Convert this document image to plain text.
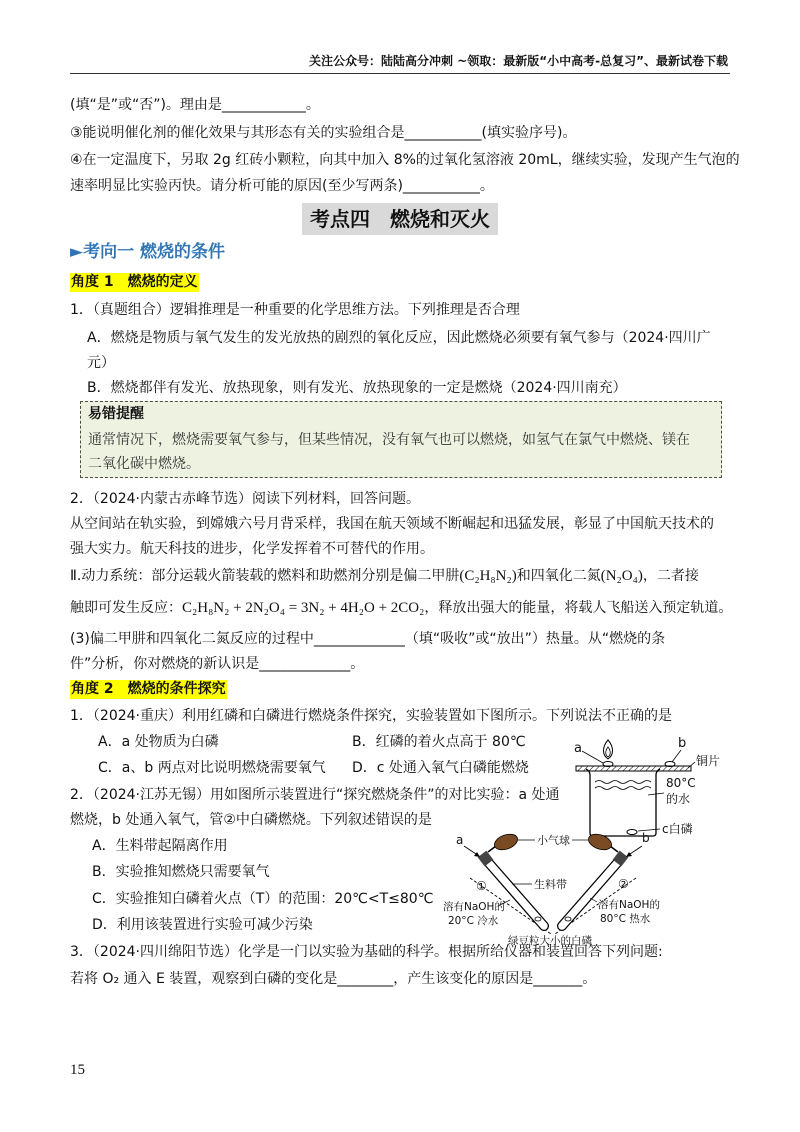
关注公众号：陆陆高分冲刺 ~领取：最新版“小中高考-总复习”、最新试卷下载
(填“是”或“否”)。理由是____________。
③能说明催化剂的催化效果与其形态有关的实验组合是___________(填实验序号)。
④在一定温度下，另取 2g 红砖小颗粒，向其中加入 8%的过氧化氢溶液 20mL，继续实验，发现产生气泡的
速率明显比实验丙快。请分析可能的原因(至少写两条)___________。
考点四　燃烧和灭火
►考向一 燃烧的条件
角度 1　燃烧的定义
1．（真题组合）逻辑推理是一种重要的化学思维方法。下列推理是否合理
A．燃烧是物质与氧气发生的发光放热的剧烈的氧化反应，因此燃烧必须要有氧气参与（2024·四川广
元）
B．燃烧都伴有发光、放热现象，则有发光、放热现象的一定是燃烧（2024·四川南充）
易错提醒
通常情况下，燃烧需要氧气参与，但某些情况，没有氧气也可以燃烧，如氢气在氯气中燃烧、镁在
二氧化碳中燃烧。
2．（2024·内蒙古赤峰节选）阅读下列材料，回答问题。
从空间站在轨实验，到嫦娥六号月背采样，我国在航天领域不断崛起和迅猛发展，彰显了中国航天技术的
强大实力。航天科技的进步，化学发挥着不可替代的作用。
Ⅱ.动力系统：部分运载火箭装载的燃料和助燃剂分别是偏二甲肼(C₂H₈N₂)和四氧化二氮(N₂O₄)，二者接
触即可发生反应：C₂H₈N₂ + 2N₂O₄ = 3N₂ + 4H₂O + 2CO₂，释放出强大的能量，将载人飞船送入预定轨道。
(3)偏二甲肼和四氧化二氮反应的过程中_____________（填“吸收”或“放出”）热量。从“燃烧的条
件”分析，你对燃烧的新认识是_____________。
角度 2　燃烧的条件探究
1．（2024·重庆）利用红磷和白磷进行燃烧条件探究，实验装置如下图所示。下列说法不正确的是
A．a 处物质为白磷	B．红磷的着火点高于 80℃
C．a、b 两点对比说明燃烧需要氧气 D．c 处通入氧气白磷能燃烧
2．（2024·江苏无锡）用如图所示装置进行“探究燃烧条件”的对比实验：a 处通
燃烧，b 处通入氧气，管②中白磷燃烧。下列叙述错误的是
A．生料带起隔离作用
B．实验推知燃烧只需要氧气
C．实验推知白磷着火点（T）的范围：20℃<T≤80℃
D．利用该装置进行实验可减少污染
3．（2024·四川绵阳节选）化学是一门以实验为基础的科学。根据所给仪器和装置回答下列问题:
若将 O₂ 通入 E 装置，观察到白磷的变化是________，产生该变化的原因是_______。
a	b
铜片
80°C
的水
c白磷
a	b
小气球
生料带
①	②
溶有NaOH的
20°C 冷水
溶有NaOH的
80°C 热水
绿豆粒大小的白磷
15
